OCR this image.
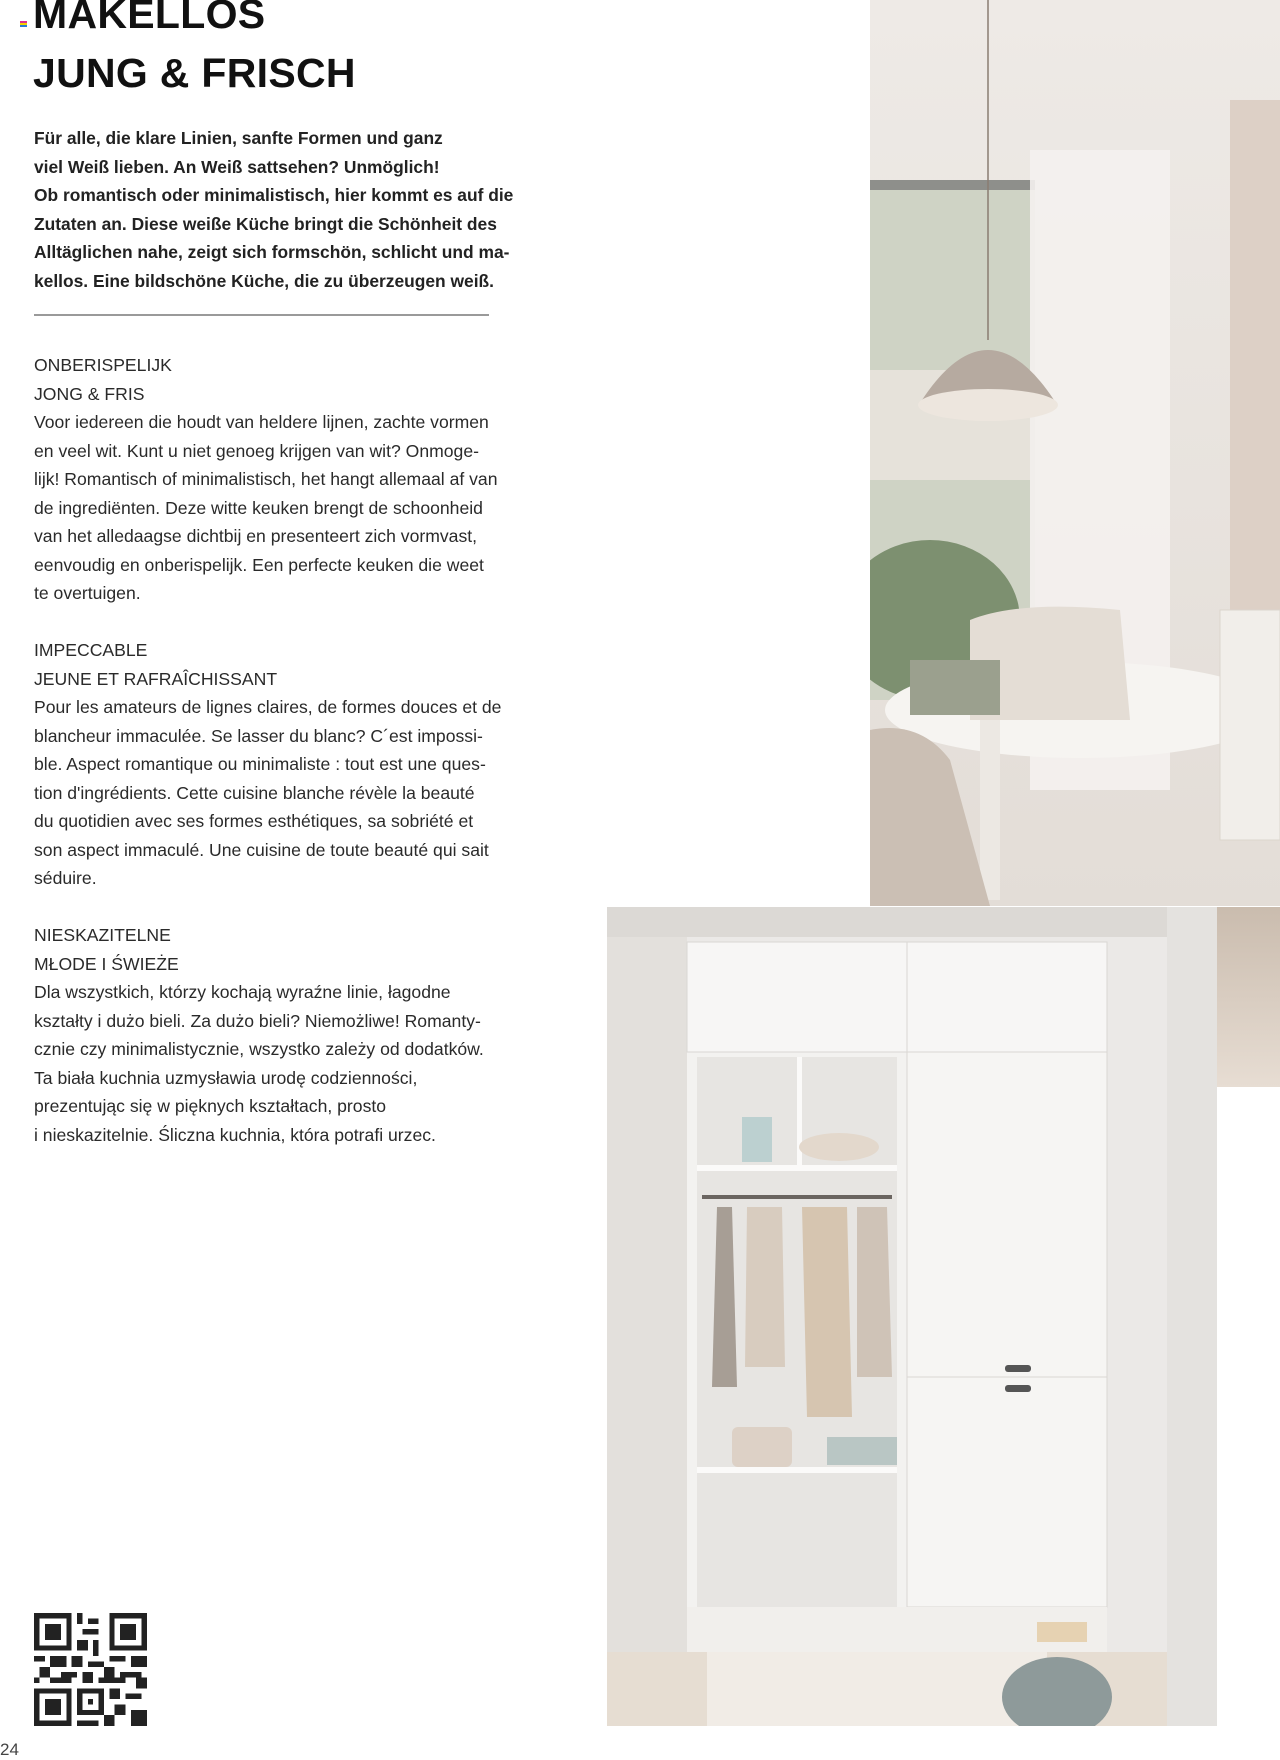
MAKELLOS
JUNG & FRISCH
Für alle, die klare Linien, sanfte Formen und ganz
viel Weiß lieben. An Weiß sattsehen? Unmöglich!
Ob romantisch oder minimalistisch, hier kommt es auf die
Zutaten an. Diese weiße Küche bringt die Schönheit des
Alltäglichen nahe, zeigt sich formschön, schlicht und ma-
kellos. Eine bildschöne Küche, die zu überzeugen weiß.
ONBERISPELIJK
JONG & FRIS
Voor iedereen die houdt van heldere lijnen, zachte vormen
en veel wit. Kunt u niet genoeg krijgen van wit? Onmoge-
lijk! Romantisch of minimalistisch, het hangt allemaal af van
de ingrediënten. Deze witte keuken brengt de schoonheid
van het alledaagse dichtbij en presenteert zich vormvast,
eenvoudig en onberispelijk. Een perfecte keuken die weet
te overtuigen.
IMPECCABLE
JEUNE ET RAFRAÎCHISSANT
Pour les amateurs de lignes claires, de formes douces et de
blancheur immaculée. Se lasser du blanc? C´est impossi-
ble. Aspect romantique ou minimaliste : tout est une ques-
tion d'ingrédients. Cette cuisine blanche révèle la beauté
du quotidien avec ses formes esthétiques, sa sobriété et
son aspect immaculé. Une cuisine de toute beauté qui sait
séduire.
NIESKAZITELNE
MŁODE I ŚWIEŻE
Dla wszystkich, którzy kochają wyraźne linie, łagodne
kształty i dużo bieli. Za dużo bieli? Niemożliwe! Romanty-
cznie czy minimalistycznie, wszystko zależy od dodatków.
Ta biała kuchnia uzmysławia urodę codzienności,
prezentując się w pięknych kształtach, prosto
i nieskazitelnie. Śliczna kuchnia, która potrafi urzec.
24
